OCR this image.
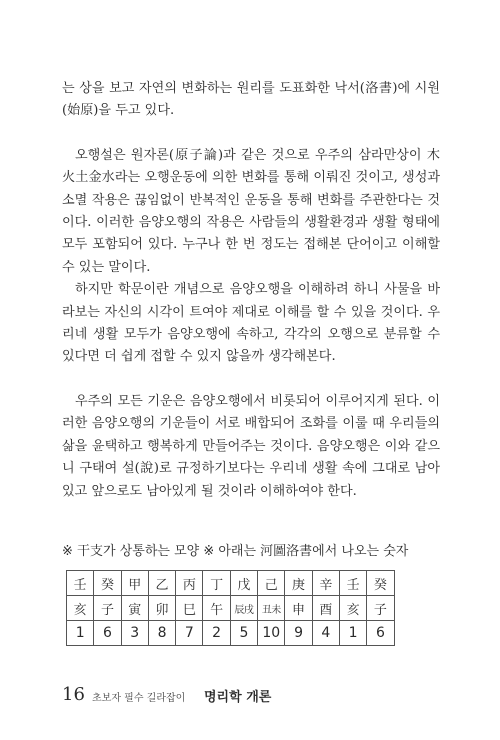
는 상을 보고 자연의 변화하는 원리를 도표화한 낙서(洛書)에 시원(始原)을 두고 있다.

오행설은 원자론(原子論)과 같은 것으로 우주의 삼라만상이 木火土金水라는 오행운동에 의한 변화를 통해 이뤄진 것이고, 생성과 소멸 작용은 끊임없이 반복적인 운동을 통해 변화를 주관한다는 것이다. 이러한 음양오행의 작용은 사람들의 생활환경과 생활 형태에 모두 포함되어 있다. 누구나 한 번 정도는 접해본 단어이고 이해할 수 있는 말이다.

하지만 학문이란 개념으로 음양오행을 이해하려 하니 사물을 바라보는 자신의 시각이 트여야 제대로 이해를 할 수 있을 것이다. 우리네 생활 모두가 음양오행에 속하고, 각각의 오행으로 분류할 수 있다면 더 쉽게 접할 수 있지 않을까 생각해본다.

우주의 모든 기운은 음양오행에서 비롯되어 이루어지게 된다. 이러한 음양오행의 기운들이 서로 배합되어 조화를 이룰 때 우리들의 삶을 윤택하고 행복하게 만들어주는 것이다. 음양오행은 이와 같으니 구태여 설(說)로 규정하기보다는 우리네 생활 속에 그대로 남아있고 앞으로도 남아있게 될 것이라 이해하여야 한다.

※ 干支가 상통하는 모양 ※ 아래는 河圖洛書에서 나오는 숫자
壬	癸	甲	乙	丙	丁	戊	己	庚	辛	壬	癸
亥	子	寅	卯	巳	午	辰戌	丑未	申	酉	亥	子
1	6	3	8	7	2	5	10	9	4	1	6
16 초보자 필수 길라잡이 명리학 개론
